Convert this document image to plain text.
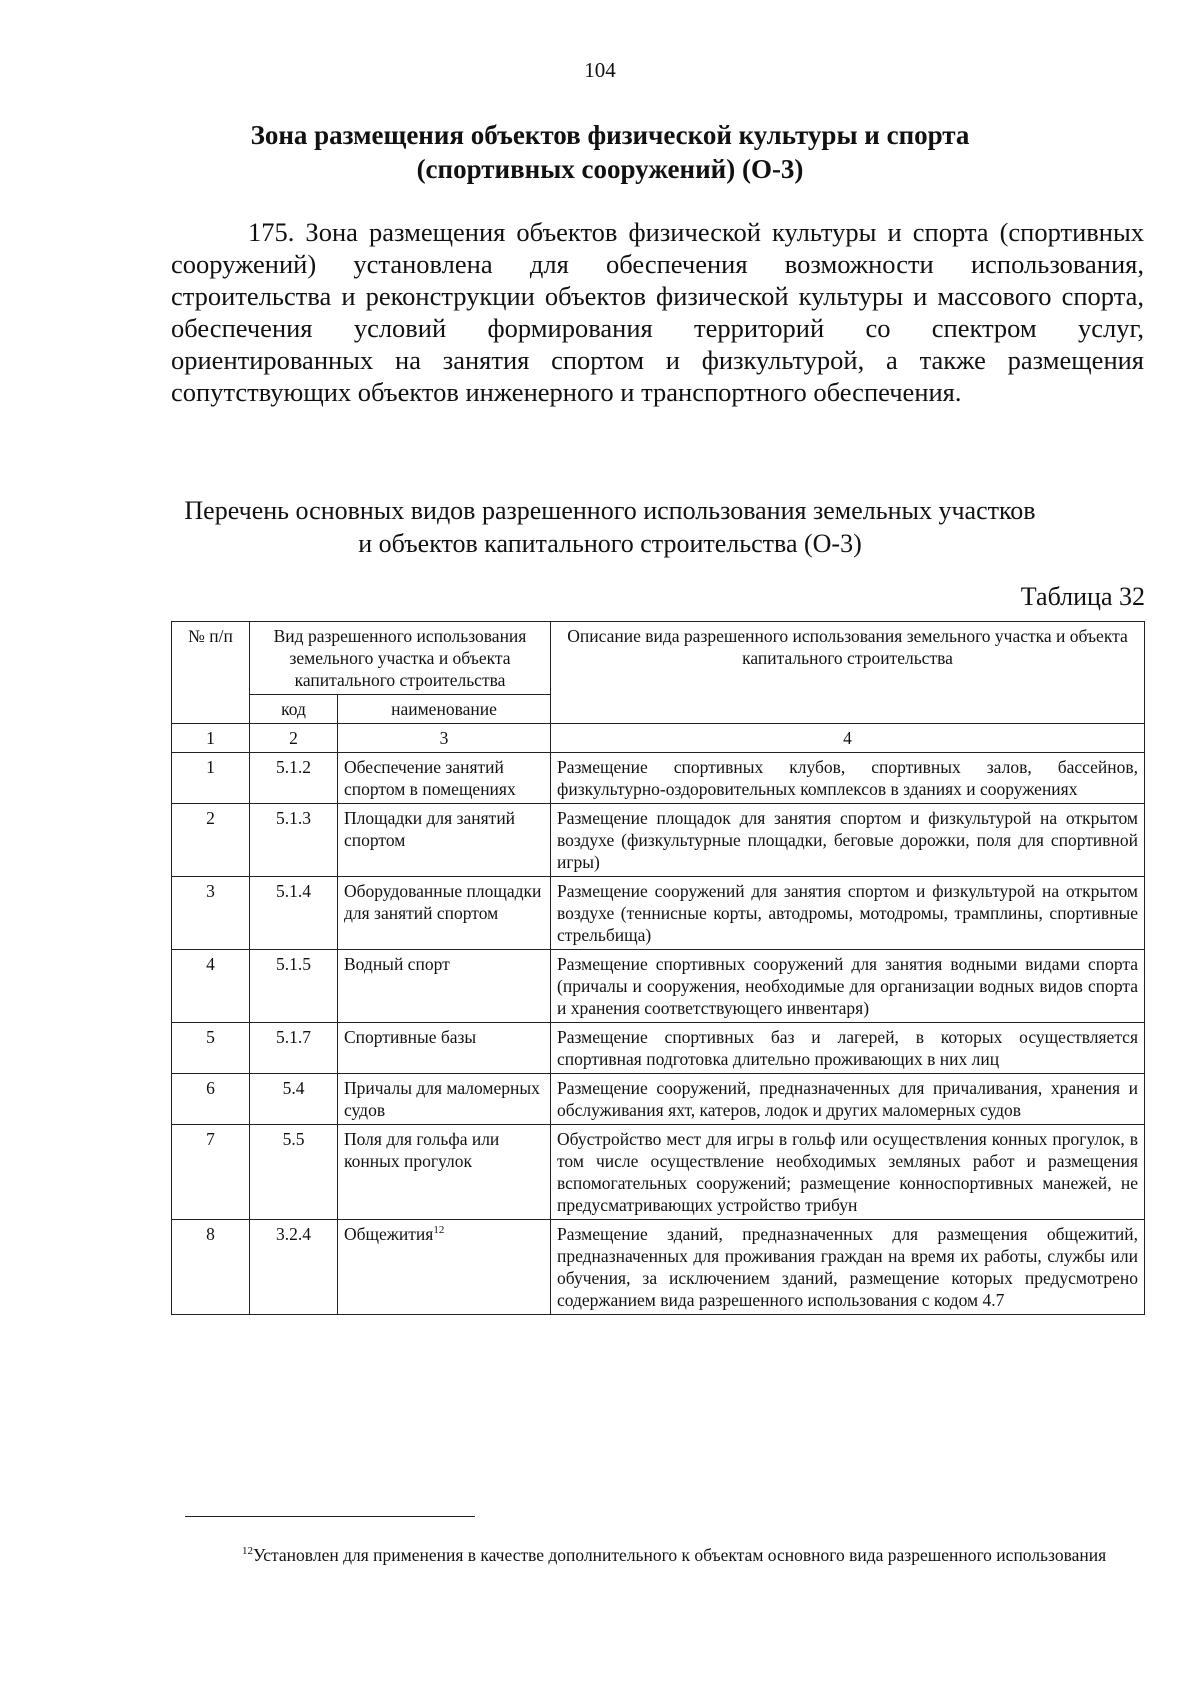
104
Зона размещения объектов физической культуры и спорта
(спортивных сооружений) (О-3)

175. Зона размещения объектов физической культуры и спорта (спортивных сооружений) установлена для обеспечения возможности использования, строительства и реконструкции объектов физической культуры и массового спорта, обеспечения условий формирования территорий со спектром услуг, ориентированных на занятия спортом и физкультурой, а также размещения сопутствующих объектов инженерного и транспортного обеспечения.

Перечень основных видов разрешенного использования земельных участков
и объектов капитального строительства (О-3)
Таблица 32
№ п/п	Вид разрешенного использования земельного участка и объекта капитального строительства		Описание вида разрешенного использования земельного участка и объекта капитального строительства
	код	наименование	
1	2	3	4
1	5.1.2	Обеспечение занятий спортом в помещениях	Размещение спортивных клубов, спортивных залов, бассейнов, физкультурно-оздоровительных комплексов в зданиях и сооружениях
2	5.1.3	Площадки для занятий спортом	Размещение площадок для занятия спортом и физкультурой на открытом воздухе (физкультурные площадки, беговые дорожки, поля для спортивной игры)
3	5.1.4	Оборудованные площадки для занятий спортом	Размещение сооружений для занятия спортом и физкультурой на открытом воздухе (теннисные корты, автодромы, мотодромы, трамплины, спортивные стрельбища)
4	5.1.5	Водный спорт	Размещение спортивных сооружений для занятия водными видами спорта (причалы и сооружения, необходимые для организации водных видов спорта и хранения соответствующего инвентаря)
5	5.1.7	Спортивные базы	Размещение спортивных баз и лагерей, в которых осуществляется спортивная подготовка длительно проживающих в них лиц
6	5.4	Причалы для маломерных судов	Размещение сооружений, предназначенных для причаливания, хранения и обслуживания яхт, катеров, лодок и других маломерных судов
7	5.5	Поля для гольфа или конных прогулок	Обустройство мест для игры в гольф или осуществления конных прогулок, в том числе осуществление необходимых земляных работ и размещения вспомогательных сооружений; размещение конноспортивных манежей, не предусматривающих устройство трибун
8	3.2.4	Общежития$^{12}$	Размещение зданий, предназначенных для размещения общежитий, предназначенных для проживания граждан на время их работы, службы или обучения, за исключением зданий, размещение которых предусмотрено содержанием вида разрешенного использования с кодом 4.7

$^{12}$Установлен для применения в качестве дополнительного к объектам основного вида разрешенного использования
